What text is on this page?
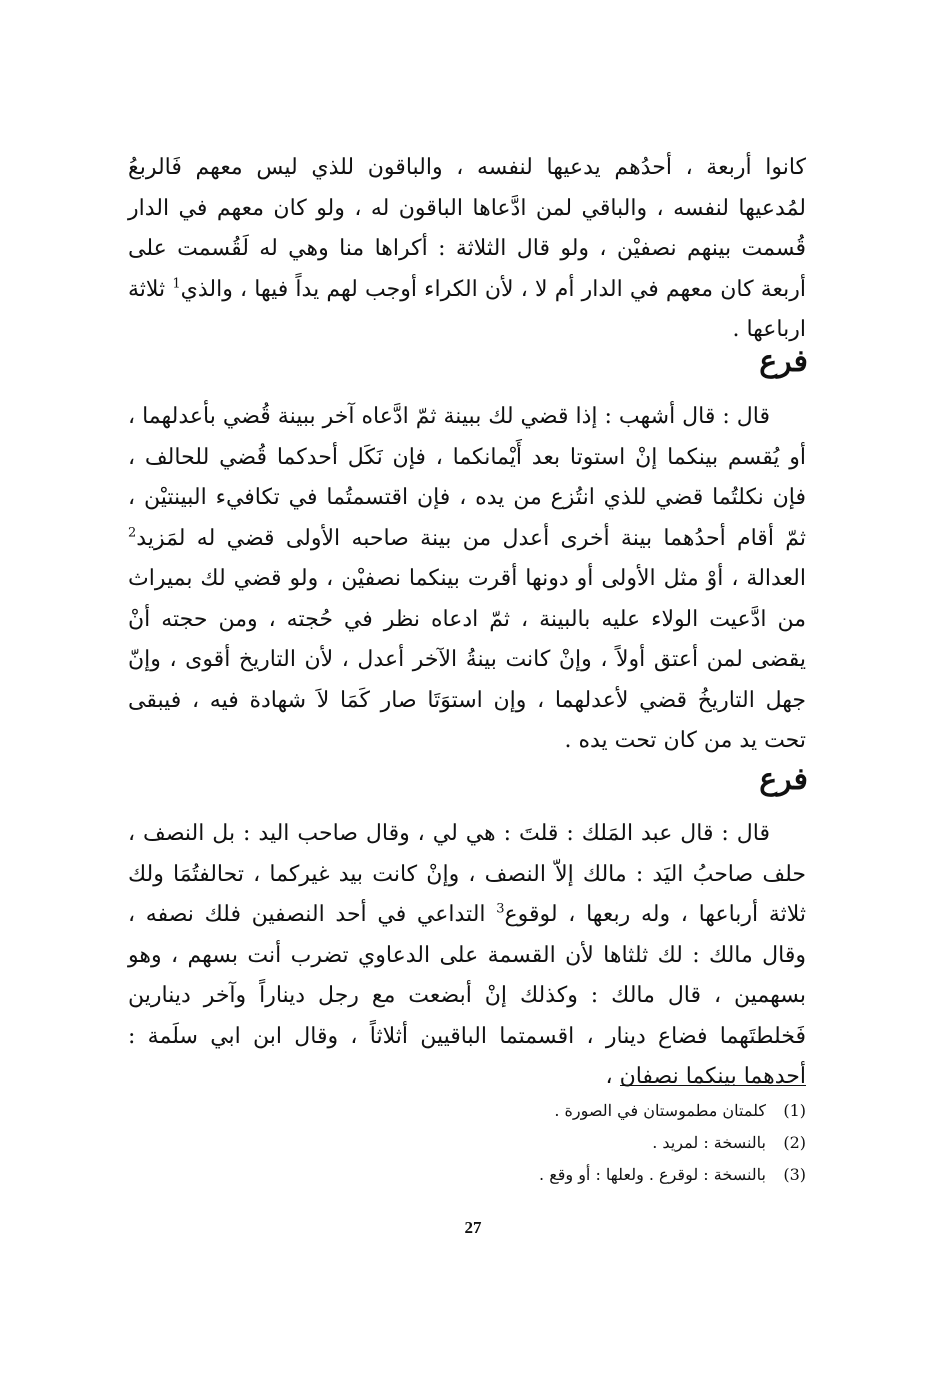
كانوا أربعة ، أحدُهم يدعيها لنفسه ، والباقون للذي ليس معهم فَالربعُ لمُدعيها لنفسه ، والباقي لمن ادَّعاها الباقون له ، ولو كان معهم في الدار قُسمت بينهم نصفيْن ، ولو قال الثلاثة : أكراها منا وهي له لَقُسمت على أربعة كان معهم في الدار أم لا ، لأن الكراء أوجب لهم يداً فيها ، والذي$^1$ ثلاثة ارباعها .

فرع

قال : قال أشهب : إذا قضي لك ببينة ثمّ ادَّعاه آخر ببينة قُضي بأعدلهما ، أو يُقسم بينكما إنْ استوتا بعد أَيْمانكما ، فإن نَكَل أحدكما قُضي للحالف ، فإن نكلتُما قضي للذي انتُزع من يده ، فإن اقتسمتُما في تكافيء البينتيْن ، ثمّ أقام أحدُهما بينة أخرى أعدل من بينة صاحبه الأولى قضي له لمَزيد$^2$ العدالة ، أوْ مثل الأولى أو دونها أقرت بينكما نصفيْن ، ولو قضي لك بميراث من ادَّعيت الولاء عليه بالبينة ، ثمّ ادعاه نظر في حُجته ، ومن حجته أنْ يقضى لمن أعتق أولاً ، وإنْ كانت بينةُ الآخر أعدل ، لأن التاريخ أقوى ، وإنّ جهل التاريخُ قضي لأعدلهما ، وإن استوَتَا صار كَمَا لاَ شهادة فيه ، فيبقى تحت يد من كان تحت يده .

فرع

قال : قال عبد المَلك : قلتَ : هي لي ، وقال صاحب اليد : بل النصف ، حلف صاحبُ اليَد : مالك إلاّ النصف ، وإنْ كانت بيد غيركما ، تحالفتُمَا ولك ثلاثة أرباعها ، وله ربعها ، لوقوع$^3$ التداعي في أحد النصفين فلك نصفه ، وقال مالك : لك ثلثاها لأن القسمة على الدعاوي تضرب أنت بسهم ، وهو بسهمين ، قال مالك : وكذلك إنْ أبضعت مع رجل ديناراً وآخر دينارين فَخلطتَهما فضاع دينار ، اقسمتما الباقيين أثلاثاً ، وقال ابن ابي سلَمة : أحدهما بينكما نصفان ،

(1)
كلمتان مطموستان في الصورة .
(2)
بالنسخة : لمريد .
(3)
بالنسخة : لوقرع . ولعلها : أو وقع .
27
